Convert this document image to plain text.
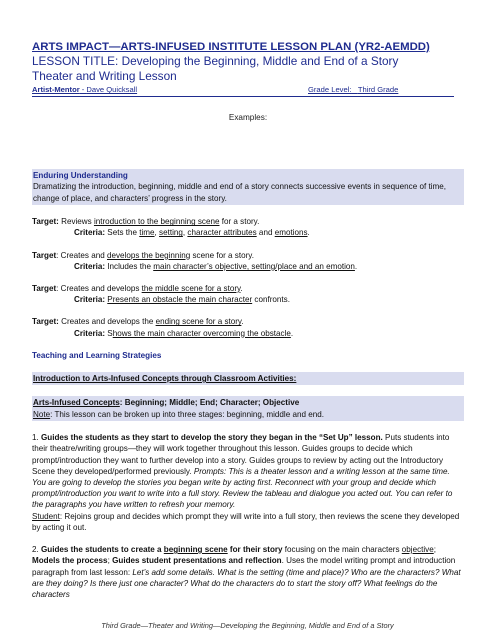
ARTS IMPACT—ARTS-INFUSED INSTITUTE LESSON PLAN (YR2-AEMDD)
LESSON TITLE: Developing the Beginning, Middle and End of a Story
Theater and Writing Lesson
Artist-Mentor - Dave Quicksall	Grade Level: Third Grade
Examples:
Enduring Understanding
Dramatizing the introduction, beginning, middle and end of a story connects successive events in sequence of time, change of place, and characters’ progress in the story.

Target: Reviews introduction to the beginning scene for a story.

Criteria: Sets the time, setting, character attributes and emotions.

Target: Creates and develops the beginning scene for a story.

Criteria: Includes the main character’s objective, setting/place and an emotion.

Target: Creates and develops the middle scene for a story.

Criteria: Presents an obstacle the main character confronts.

Target: Creates and develops the ending scene for a story.

Criteria: Shows the main character overcoming the obstacle.

Teaching and Learning Strategies
Introduction to Arts-Infused Concepts through Classroom Activities:
Arts-Infused Concepts: Beginning; Middle; End; Character; Objective
Note: This lesson can be broken up into three stages: beginning, middle and end.
1. Guides the students as they start to develop the story they began in the “Set Up” lesson. Puts students into their theatre/writing groups—they will work together throughout this lesson. Guides groups to decide which prompt/introduction they want to further develop into a story. Guides groups to review by acting out the Introductory Scene they developed/performed previously. Prompts: This is a theater lesson and a writing lesson at the same time. You are going to develop the stories you began write by acting first. Reconnect with your group and decide which prompt/introduction you want to write into a full story. Review the tableau and dialogue you acted out. You can refer to the paragraphs you have written to refresh your memory.

Student: Rejoins group and decides which prompt they will write into a full story, then reviews the scene they developed by acting it out.

2. Guides the students to create a beginning scene for their story focusing on the main characters objective; Models the process; Guides student presentations and reflection. Uses the model writing prompt and introduction paragraph from last lesson: Let’s add some details. What is the setting (time and place)? Who are the characters? What are they doing? Is there just one character? What do the characters do to start the story off? What feelings do the characters
Third Grade—Theater and Writing—Developing the Beginning, Middle and End of a Story
